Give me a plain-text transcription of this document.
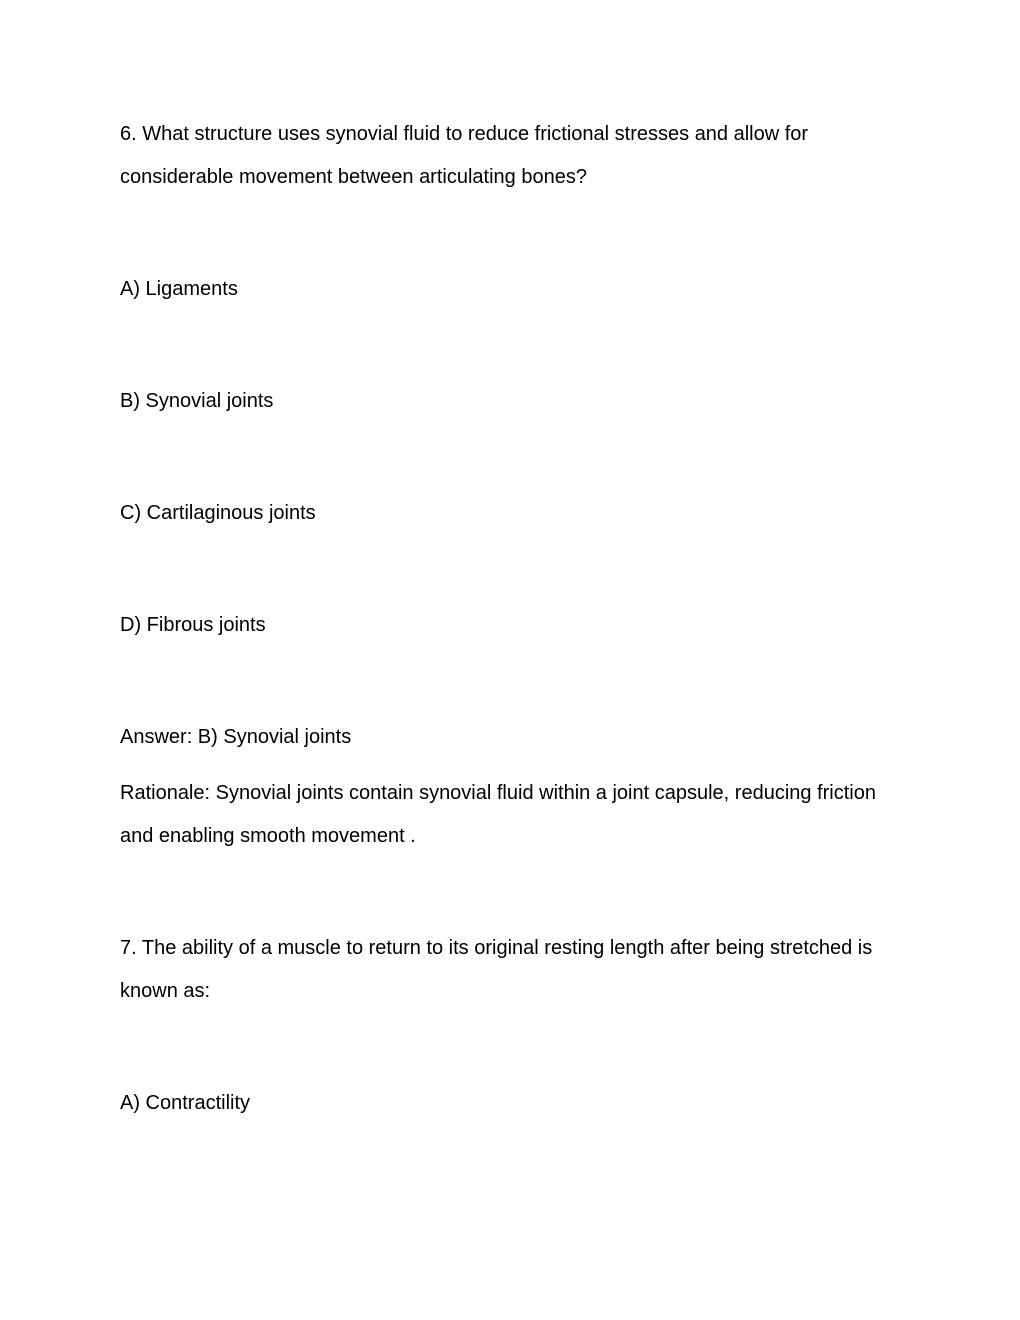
6. What structure uses synovial fluid to reduce frictional stresses and allow for considerable movement between articulating bones?
A) Ligaments
B) Synovial joints
C) Cartilaginous joints
D) Fibrous joints
Answer: B) Synovial joints
Rationale: Synovial joints contain synovial fluid within a joint capsule, reducing friction and enabling smooth movement .
7. The ability of a muscle to return to its original resting length after being stretched is known as:
A) Contractility
